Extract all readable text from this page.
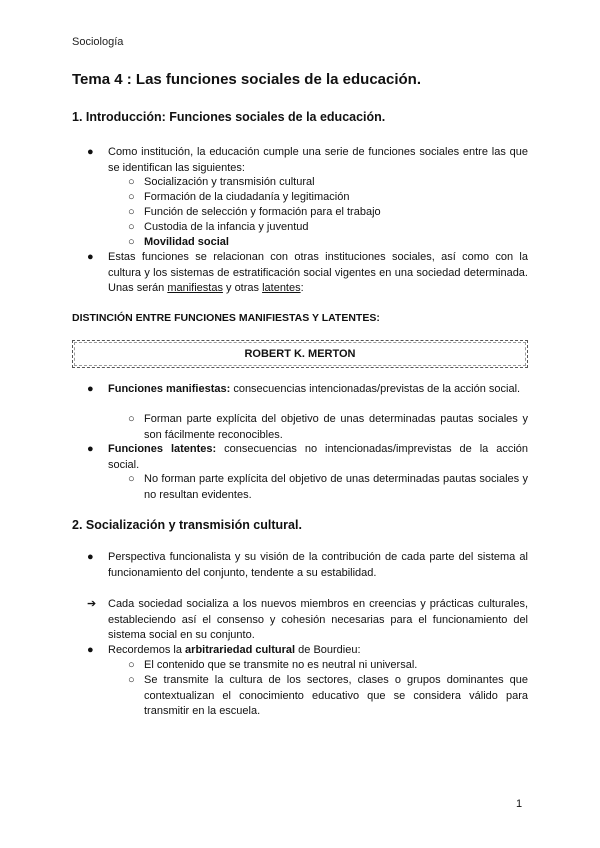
Sociología
Tema 4 : Las funciones sociales de la educación.
1. Introducción: Funciones sociales de la educación.
● Como institución, la educación cumple una serie de funciones sociales entre las que se identifican las siguientes:
○ Socialización y transmisión cultural
○ Formación de la ciudadanía y legitimación
○ Función de selección y formación para el trabajo
○ Custodia de la infancia y juventud
○ Movilidad social
● Estas funciones se relacionan con otras instituciones sociales, así como con la cultura y los sistemas de estratificación social vigentes en una sociedad determinada. Unas serán manifiestas y otras latentes:
DISTINCIÓN ENTRE FUNCIONES MANIFIESTAS Y LATENTES:
ROBERT K. MERTON
● Funciones manifiestas: consecuencias intencionadas/previstas de la acción social.
○ Forman parte explícita del objetivo de unas determinadas pautas sociales y son fácilmente reconocibles.
● Funciones latentes: consecuencias no intencionadas/imprevistas de la acción social.
○ No forman parte explícita del objetivo de unas determinadas pautas sociales y no resultan evidentes.
2. Socialización y transmisión cultural.
● Perspectiva funcionalista y su visión de la contribución de cada parte del sistema al funcionamiento del conjunto, tendente a su estabilidad.
➔ Cada sociedad socializa a los nuevos miembros en creencias y prácticas culturales, estableciendo así el consenso y cohesión necesarias para el funcionamiento del sistema social en su conjunto.
● Recordemos la arbitrariedad cultural de Bourdieu:
○ El contenido que se transmite no es neutral ni universal.
○ Se transmite la cultura de los sectores, clases o grupos dominantes que contextualizan el conocimiento educativo que se considera válido para transmitir en la escuela.
1
